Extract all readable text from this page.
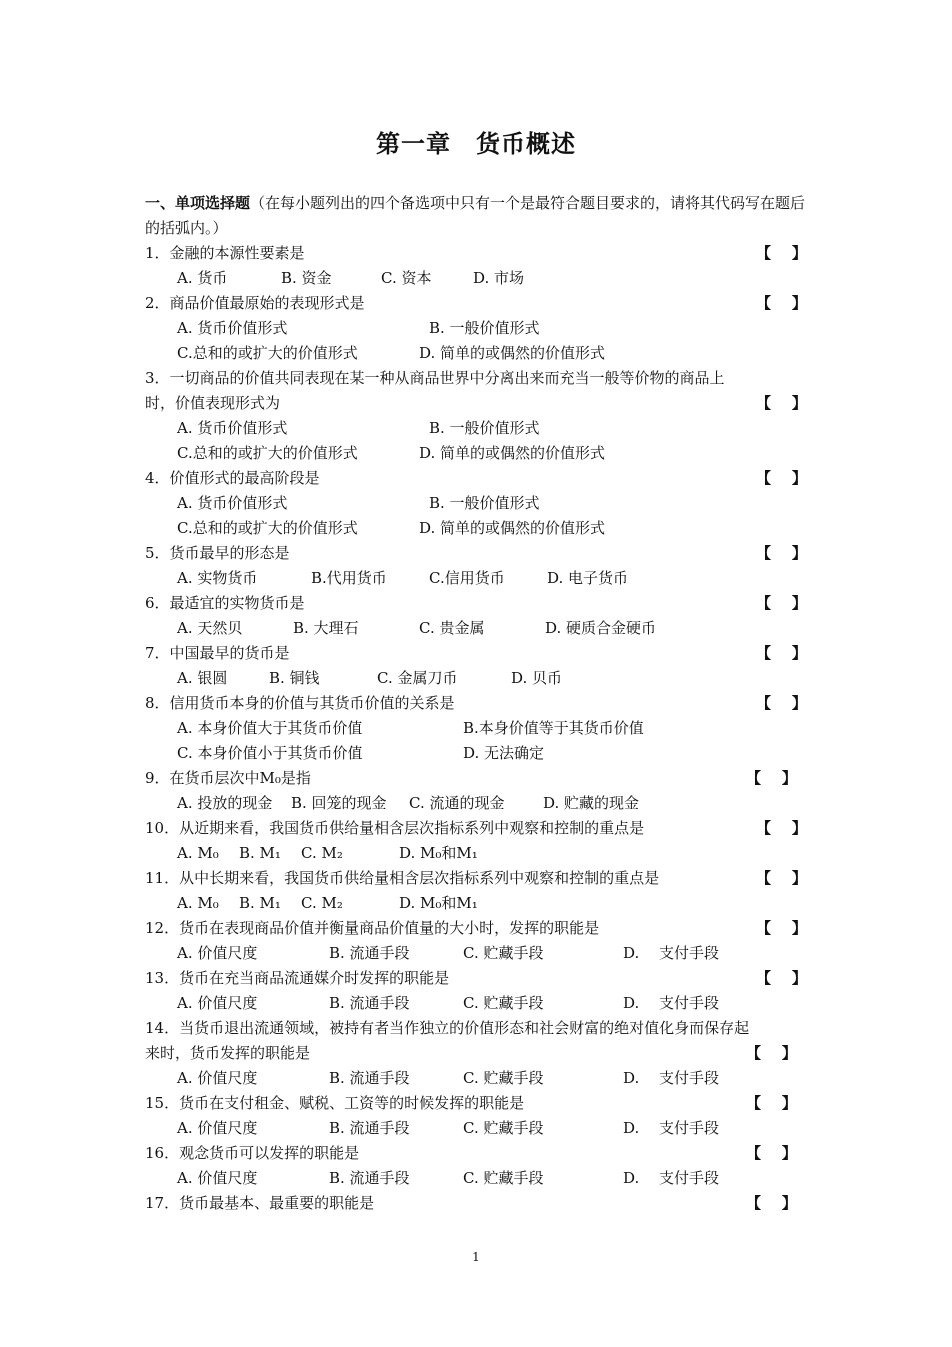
第一章　货币概述

一、单项选择题（在每小题列出的四个备选项中只有一个是最符合题目要求的，请将其代码写在题后的括弧内。）

1．金融的本源性要素是	【    】
A. 货币	B. 资金	C. 资本	D. 市场
2．商品价值最原始的表现形式是	【    】
A. 货币价值形式	B. 一般价值形式
C.总和的或扩大的价值形式	D. 简单的或偶然的价值形式
3．一切商品的价值共同表现在某一种从商品世界中分离出来而充当一般等价物的商品上时，价值表现形式为	【    】
A. 货币价值形式	B. 一般价值形式
C.总和的或扩大的价值形式	D. 简单的或偶然的价值形式
4．价值形式的最高阶段是	【    】
A. 货币价值形式	B. 一般价值形式
C.总和的或扩大的价值形式	D. 简单的或偶然的价值形式
5．货币最早的形态是	【    】
A. 实物货币	B.代用货币	C.信用货币	D. 电子货币
6．最适宜的实物货币是	【    】
A. 天然贝	B. 大理石	C. 贵金属	D. 硬质合金硬币
7．中国最早的货币是	【    】
A. 银圆	B. 铜钱	C. 金属刀币	D. 贝币
8．信用货币本身的价值与其货币价值的关系是	【    】
A. 本身价值大于其货币价值	B.本身价值等于其货币价值
C. 本身价值小于其货币价值	D. 无法确定
9．在货币层次中M₀是指	【    】
A. 投放的现金 B. 回笼的现金 C. 流通的现金	D. 贮藏的现金
10．从近期来看，我国货币供给量相含层次指标系列中观察和控制的重点是	【    】
A. M₀ B. M₁ C. M₂	D. M₀和M₁
11．从中长期来看，我国货币供给量相含层次指标系列中观察和控制的重点是	【    】
A. M₀ B. M₁ C. M₂	D. M₀和M₁
12．货币在表现商品价值并衡量商品价值量的大小时，发挥的职能是	【    】
A. 价值尺度	B. 流通手段	C. 贮藏手段	D.　 支付手段
13．货币在充当商品流通媒介时发挥的职能是	【    】
A. 价值尺度	B. 流通手段	C. 贮藏手段	D.　 支付手段
14．当货币退出流通领域，被持有者当作独立的价值形态和社会财富的绝对值化身而保存起来时，货币发挥的职能是	【    】
A. 价值尺度	B. 流通手段	C. 贮藏手段	D.　 支付手段
15．货币在支付租金、赋税、工资等的时候发挥的职能是	【    】
A. 价值尺度	B. 流通手段	C. 贮藏手段	D.　 支付手段
16．观念货币可以发挥的职能是	【    】
A. 价值尺度	B. 流通手段	C. 贮藏手段	D.　 支付手段
17．货币最基本、最重要的职能是	【    】
1
